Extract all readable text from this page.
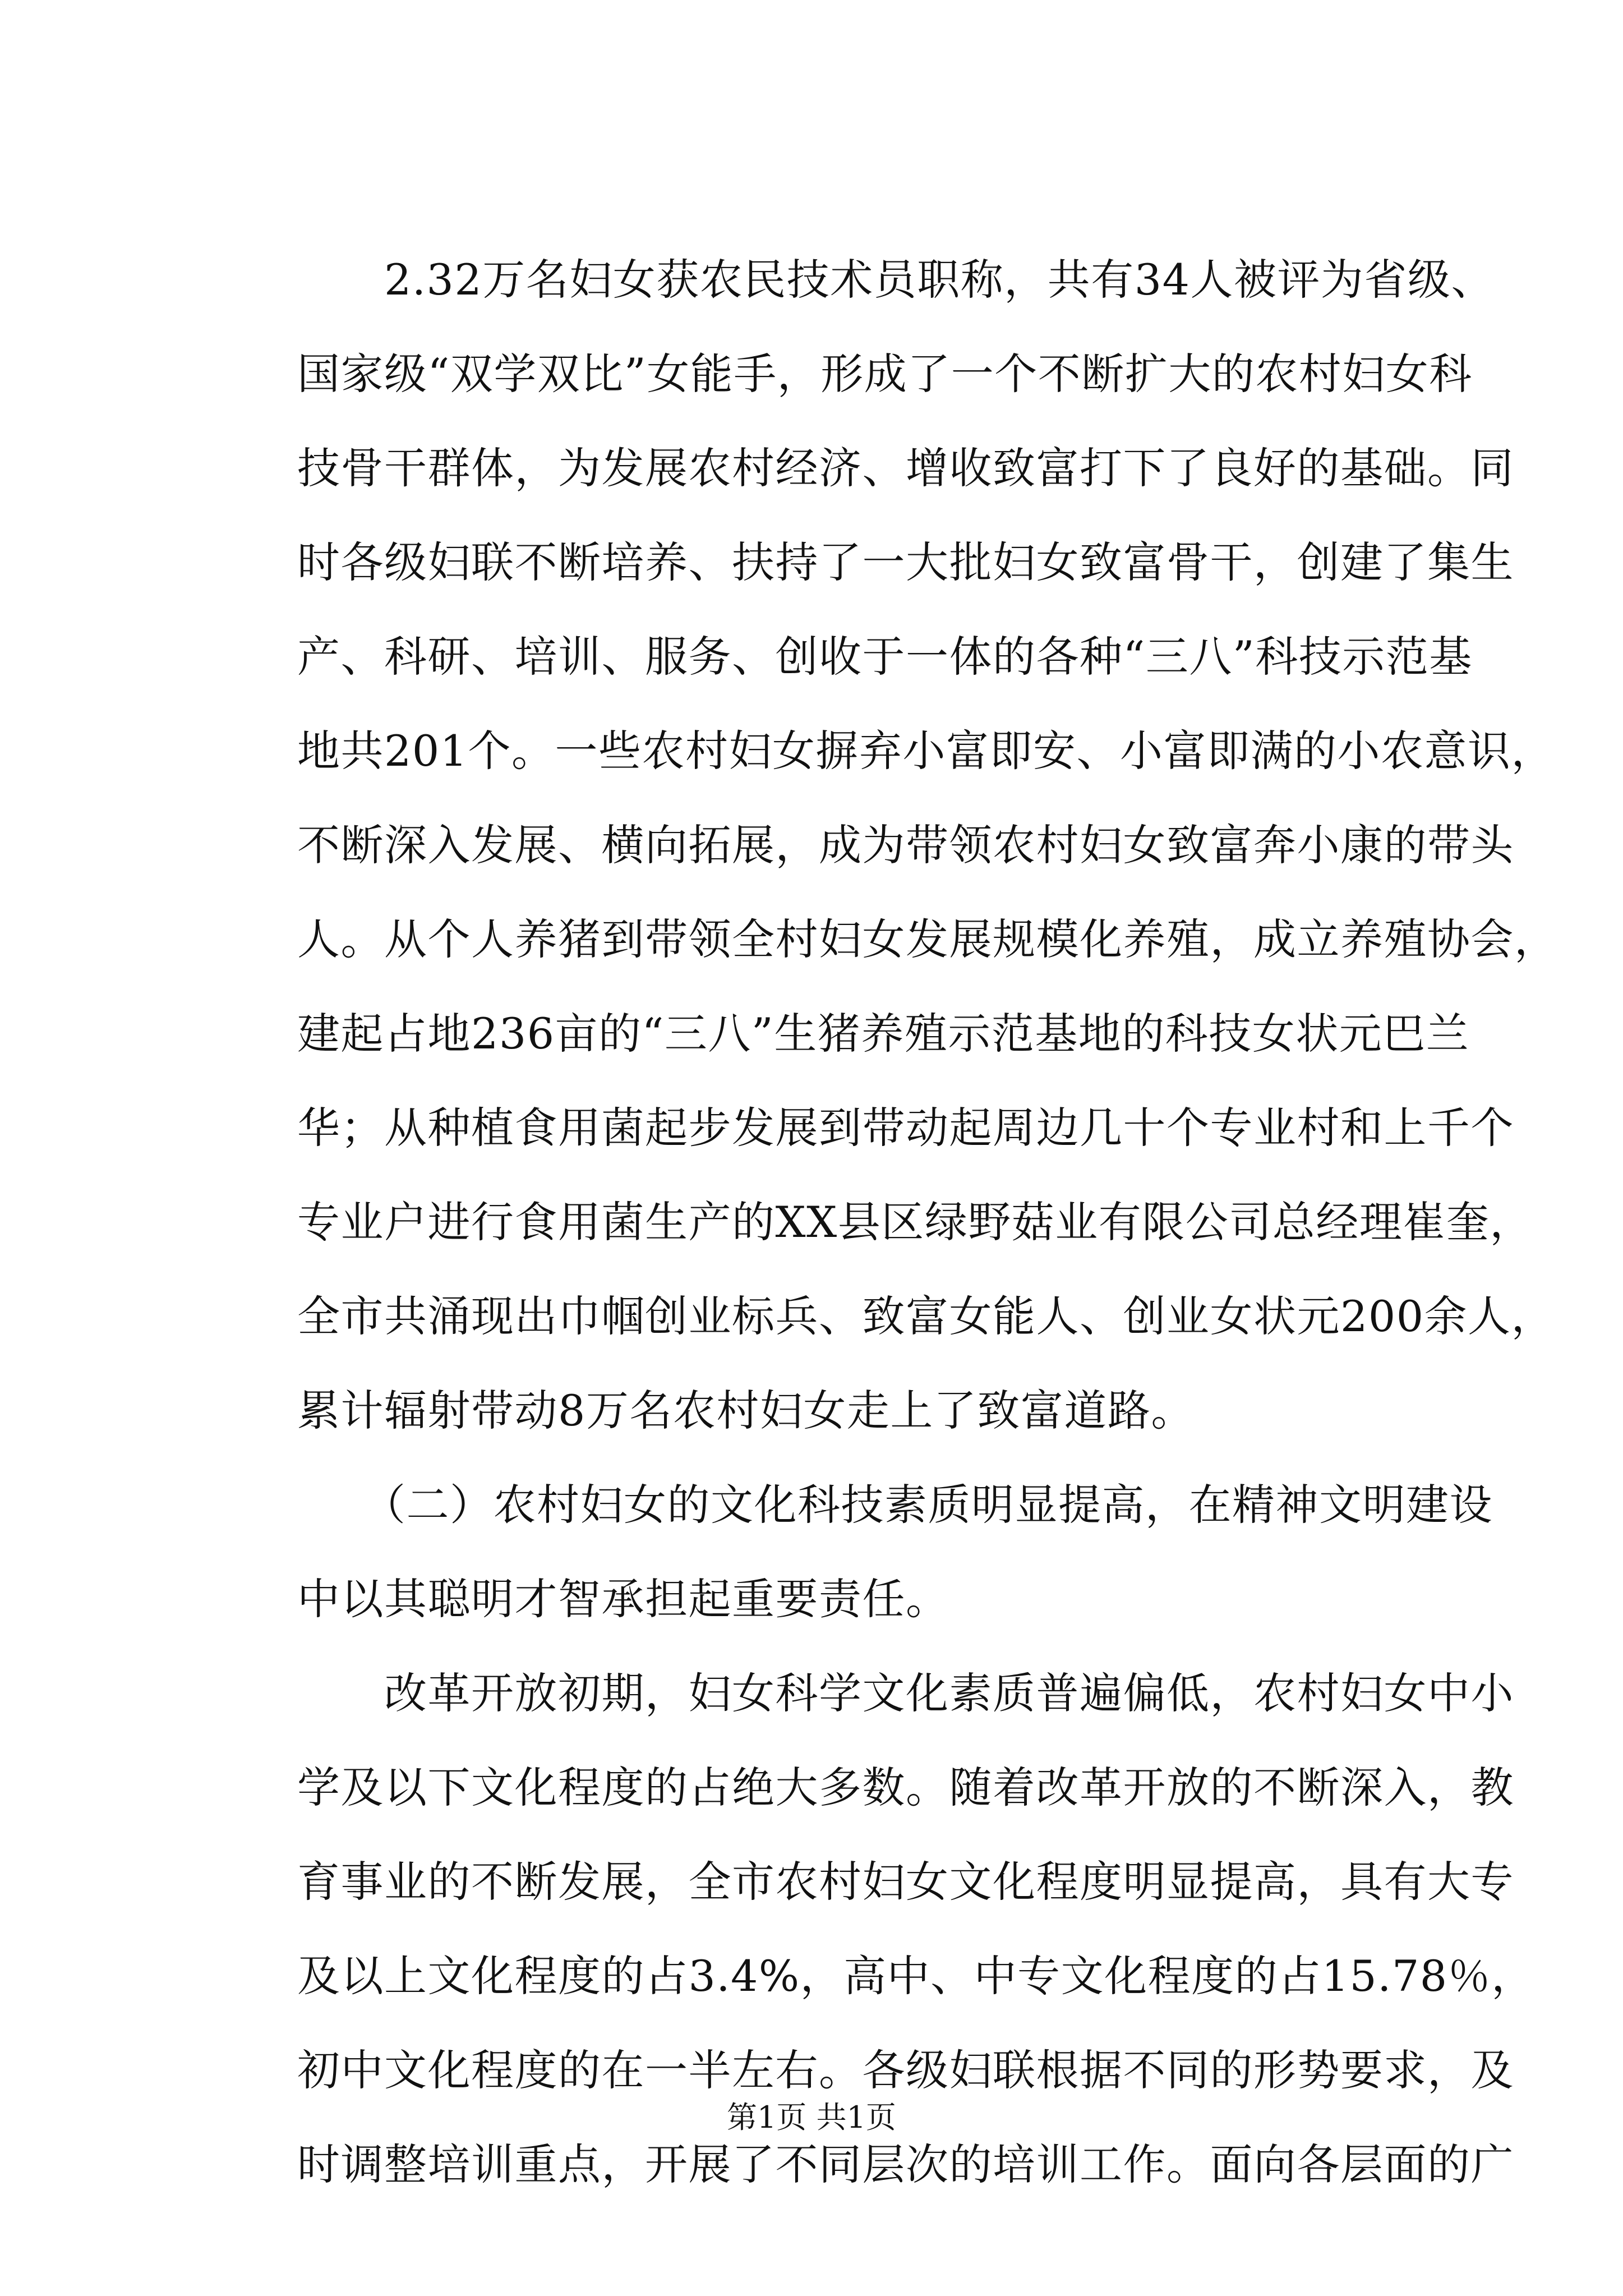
　　2.32万名妇女获农民技术员职称，共有34人被评为省级、
国家级“双学双比”女能手，形成了一个不断扩大的农村妇女科
技骨干群体，为发展农村经济、增收致富打下了良好的基础。同
时各级妇联不断培养、扶持了一大批妇女致富骨干，创建了集生
产、科研、培训、服务、创收于一体的各种“三八”科技示范基
地共201个。一些农村妇女摒弃小富即安、小富即满的小农意识，
不断深入发展、横向拓展，成为带领农村妇女致富奔小康的带头
人。从个人养猪到带领全村妇女发展规模化养殖，成立养殖协会，
建起占地236亩的“三八”生猪养殖示范基地的科技女状元巴兰
华；从种植食用菌起步发展到带动起周边几十个专业村和上千个
专业户进行食用菌生产的XX县区绿野菇业有限公司总经理崔奎，
全市共涌现出巾帼创业标兵、致富女能人、创业女状元200余人，
累计辐射带动8万名农村妇女走上了致富道路。
　　（二）农村妇女的文化科技素质明显提高，在精神文明建设
中以其聪明才智承担起重要责任。
　　改革开放初期，妇女科学文化素质普遍偏低，农村妇女中小
学及以下文化程度的占绝大多数。随着改革开放的不断深入，教
育事业的不断发展，全市农村妇女文化程度明显提高，具有大专
及以上文化程度的占3.4%，高中、中专文化程度的占15.78％，
初中文化程度的在一半左右。各级妇联根据不同的形势要求，及
时调整培训重点，开展了不同层次的培训工作。面向各层面的广
第1页 共1页
